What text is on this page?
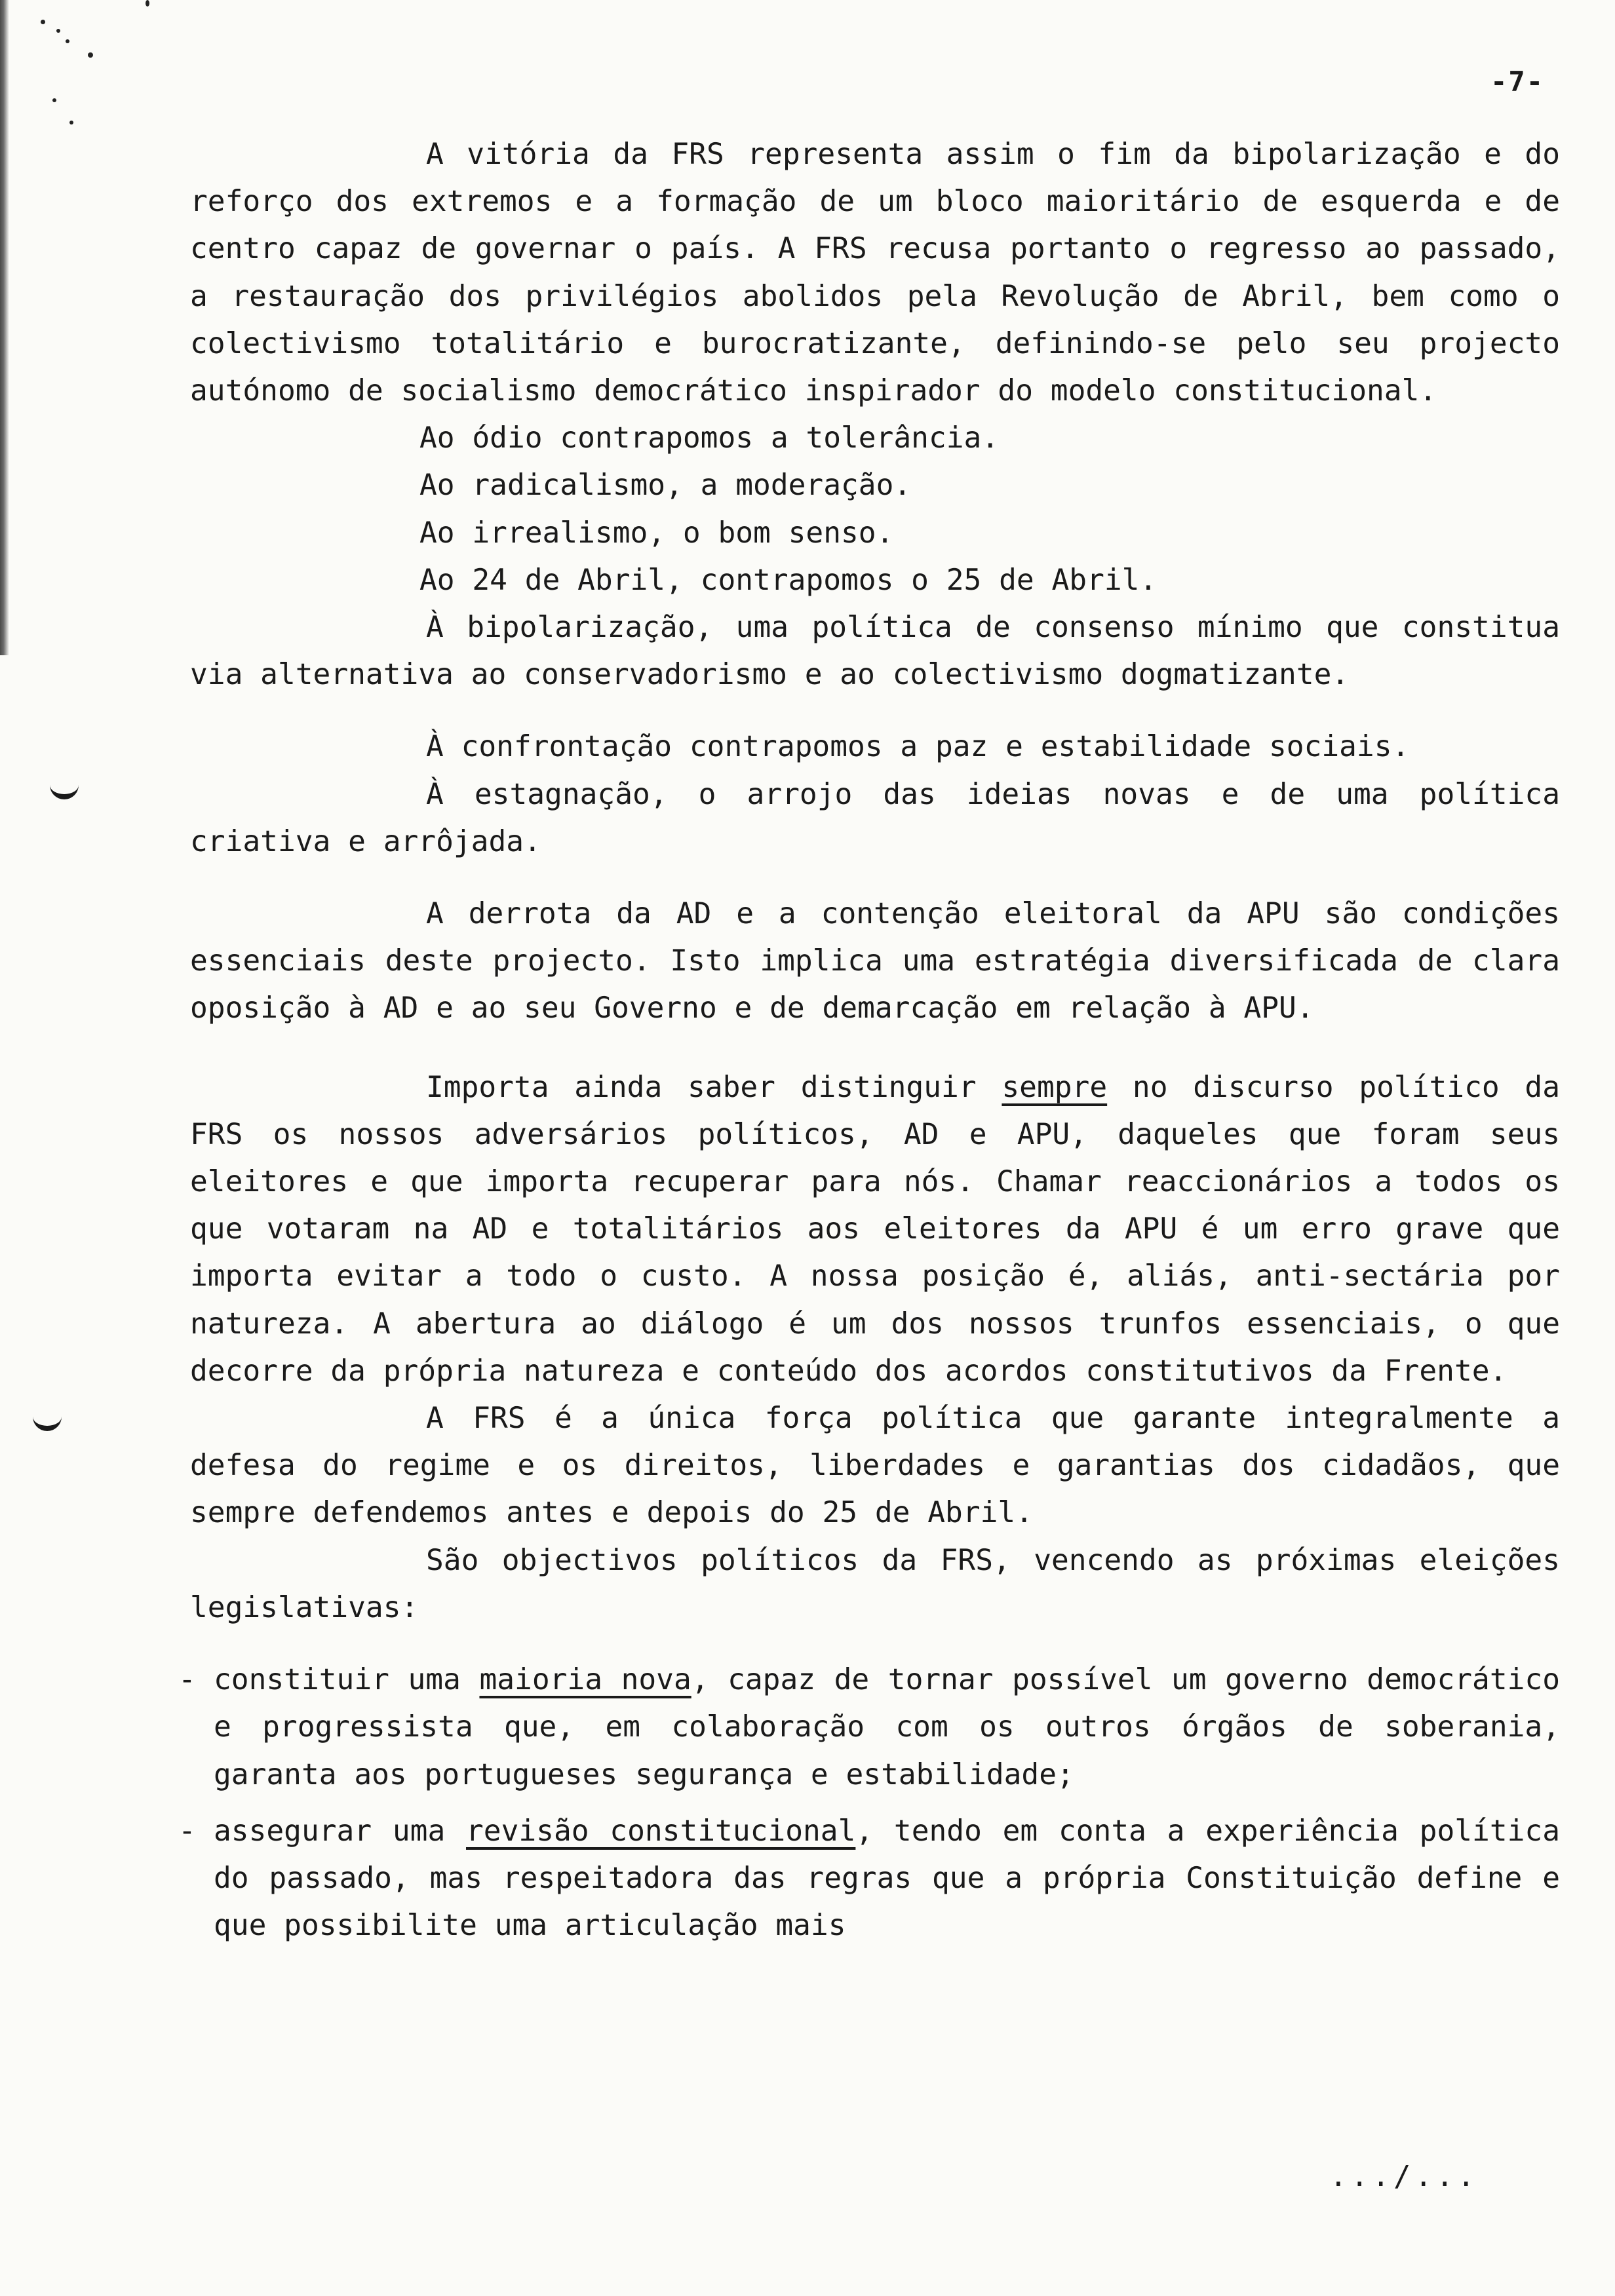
-7-

A vitória da FRS representa assim o fim da bipolarização e do reforço dos extremos e a formação de um bloco maioritário de esquerda e de centro capaz de governar o país. A FRS recusa portanto o regresso ao passado, a restauração dos privilégios abolidos pela Revolução de Abril, bem como o colectivismo totalitário e burocratizante, definindo-se pelo seu projecto autónomo de socialismo democrático inspirador do modelo constitucional.

Ao ódio contrapomos a tolerância.

Ao radicalismo, a moderação.

Ao irrealismo, o bom senso.

Ao 24 de Abril, contrapomos o 25 de Abril.

À bipolarização, uma política de consenso mínimo que constitua via alternativa ao conservadorismo e ao colectivismo dogmatizante.

À confrontação contrapomos a paz e estabilidade sociais.

À estagnação, o arrojo das ideias novas e de uma política criativa e arrôjada.

A derrota da AD e a contenção eleitoral da APU são condições essenciais deste projecto. Isto implica uma estratégia diversificada de clara oposição à AD e ao seu Governo e de demarcação em relação à APU.

Importa ainda saber distinguir sempre no discurso político da FRS os nossos adversários políticos, AD e APU, daqueles que foram seus eleitores e que importa recuperar para nós. Chamar reaccionários a todos os que votaram na AD e totalitários aos eleitores da APU é um erro grave que importa evitar a todo o custo. A nossa posição é, aliás, anti-sectária por natureza. A abertura ao diálogo é um dos nossos trunfos essenciais, o que decorre da própria natureza e conteúdo dos acordos constitutivos da Frente.

A FRS é a única força política que garante integralmente a defesa do regime e os direitos, liberdades e garantias dos cidadãos, que sempre defendemos antes e depois do 25 de Abril.

São objectivos políticos da FRS, vencendo as próximas eleições legislativas:

- constituir uma maioria nova, capaz de tornar possível um governo democrático e progressista que, em colaboração com os outros órgãos de soberania, garanta aos portugueses segurança e estabilidade;
- assegurar uma revisão constitucional, tendo em conta a experiência política do passado, mas respeitadora das regras que a própria Constituição define e que possibilite uma articulação mais
.../...
